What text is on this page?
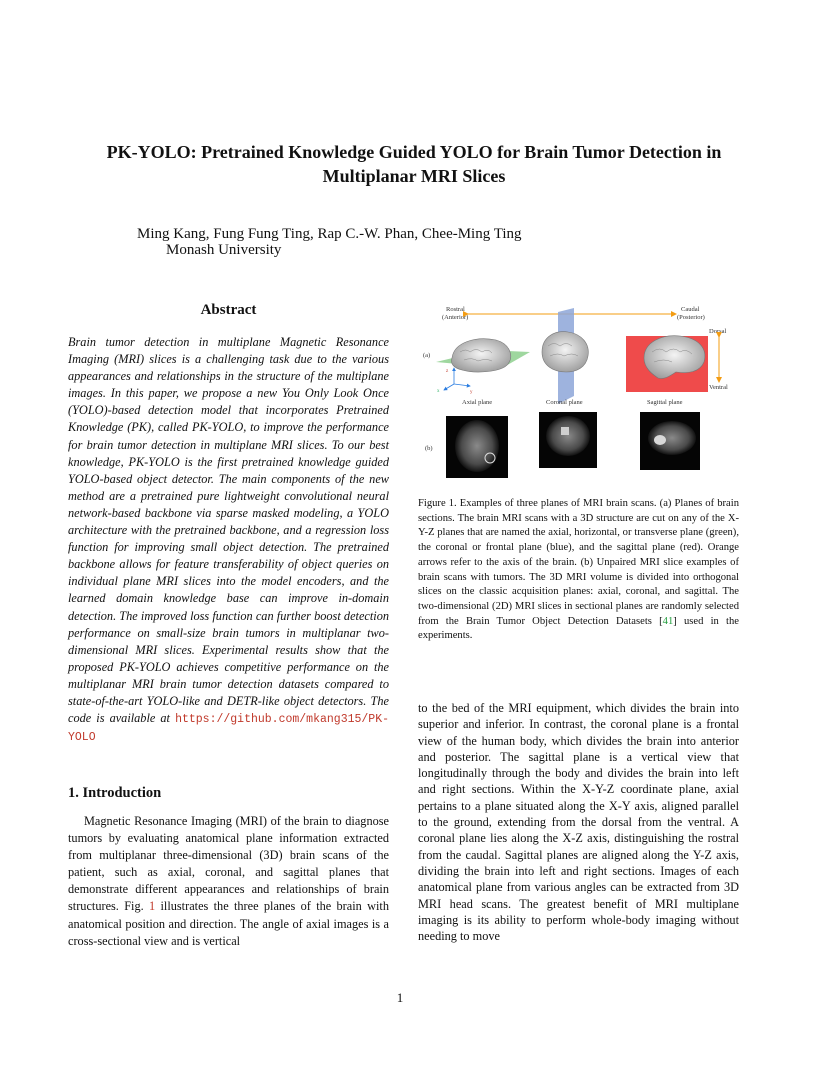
PK-YOLO: Pretrained Knowledge Guided YOLO for Brain Tumor Detection in Multiplanar MRI Slices
Ming Kang, Fung Fung Ting, Rap C.-W. Phan, Chee-Ming Ting
Monash University
Abstract
Brain tumor detection in multiplane Magnetic Resonance Imaging (MRI) slices is a challenging task due to the various appearances and relationships in the structure of the multiplane images. In this paper, we propose a new You Only Look Once (YOLO)-based detection model that incorporates Pretrained Knowledge (PK), called PK-YOLO, to improve the performance for brain tumor detection in multiplane MRI slices. To our best knowledge, PK-YOLO is the first pretrained knowledge guided YOLO-based object detector. The main components of the new method are a pretrained pure lightweight convolutional neural network-based backbone via sparse masked modeling, a YOLO architecture with the pretrained backbone, and a regression loss function for improving small object detection. The pretrained backbone allows for feature transferability of object queries on individual plane MRI slices into the model encoders, and the learned domain knowledge base can improve in-domain detection. The improved loss function can further boost detection performance on small-size brain tumors in multiplanar two-dimensional MRI slices. Experimental results show that the proposed PK-YOLO achieves competitive performance on the multiplanar MRI brain tumor detection datasets compared to state-of-the-art YOLO-like and DETR-like object detectors. The code is available at https://github.com/mkang315/PK-YOLO
1. Introduction
Magnetic Resonance Imaging (MRI) of the brain to diagnose tumors by evaluating anatomical plane information extracted from multiplanar three-dimensional (3D) brain scans of the patient, such as axial, coronal, and sagittal planes that demonstrate different appearances and relationships of brain structures. Fig. 1 illustrates the three planes of the brain with anatomical position and direction. The angle of axial images is a cross-sectional view and is vertical
Rostral
(Anterior)
Caudal
(Posterior)
Dorsal
Ventral
(a)
(b)
z
y
x
Axial plane	Coronal plane	Sagittal plane
Figure 1. Examples of three planes of MRI brain scans. (a) Planes of brain sections. The brain MRI scans with a 3D structure are cut on any of the X-Y-Z planes that are named the axial, horizontal, or transverse plane (green), the coronal or frontal plane (blue), and the sagittal plane (red). Orange arrows refer to the axis of the brain. (b) Unpaired MRI slice examples of brain scans with tumors. The 3D MRI volume is divided into orthogonal slices on the classic acquisition planes: axial, coronal, and sagittal. The two-dimensional (2D) MRI slices in sectional planes are randomly selected from the Brain Tumor Object Detection Datasets [41] used in the experiments.
to the bed of the MRI equipment, which divides the brain into superior and inferior. In contrast, the coronal plane is a frontal view of the human body, which divides the brain into anterior and posterior. The sagittal plane is a vertical view that longitudinally through the body and divides the brain into left and right sections. Within the X-Y-Z coordinate plane, axial pertains to a plane situated along the X-Y axis, aligned parallel to the ground, extending from the dorsal from the ventral. A coronal plane lies along the X-Z axis, distinguishing the rostral from the caudal. Sagittal planes are aligned along the Y-Z axis, dividing the brain into left and right sections. Images of each anatomical plane from various angles can be extracted from 3D MRI head scans. The greatest benefit of MRI multiplane imaging is its ability to perform whole-body imaging without needing to move
1
